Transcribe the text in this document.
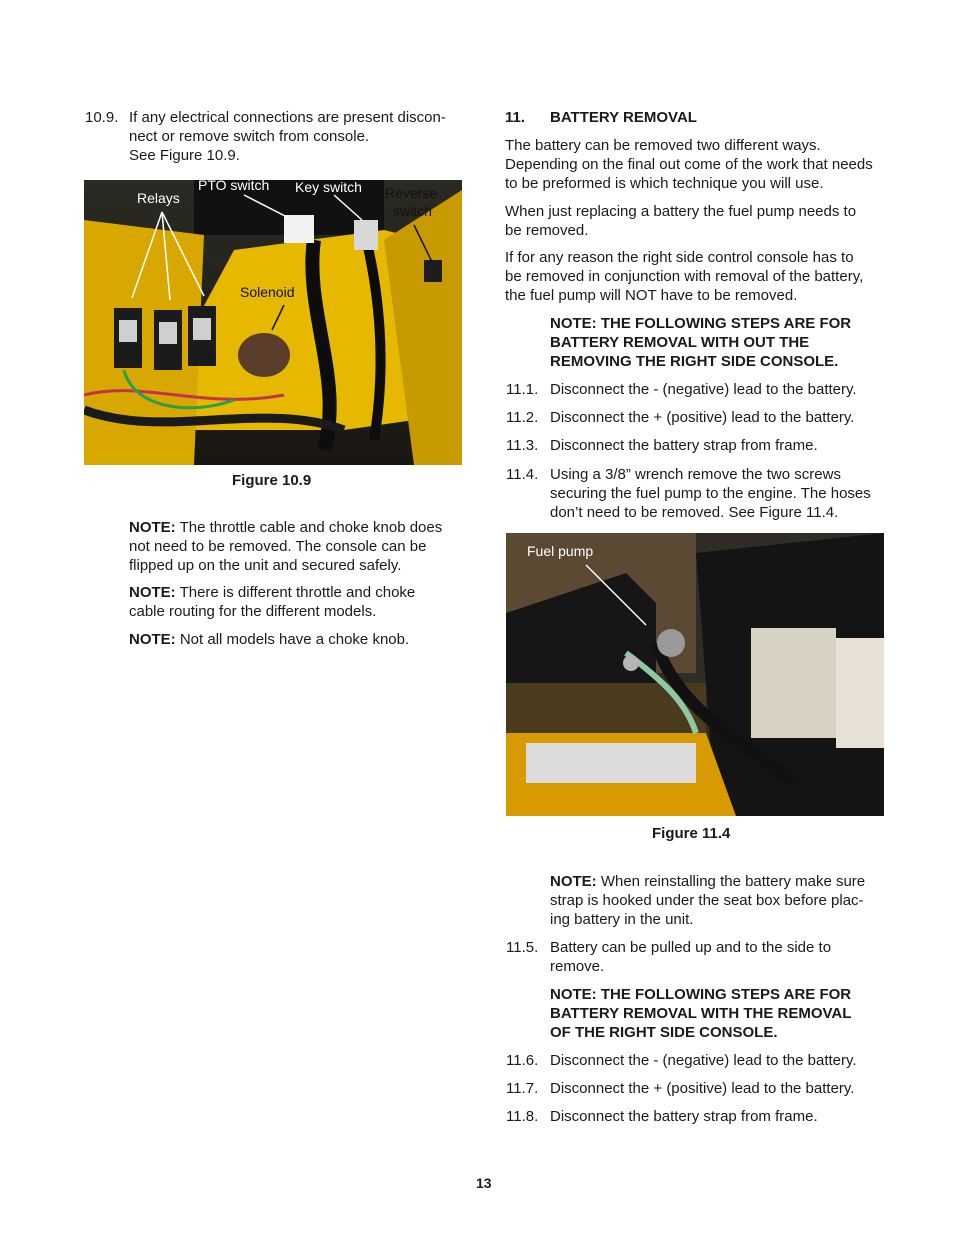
10.9. If any electrical connections are present discon-
nect or remove switch from console.
See Figure 10.9.
Relays
PTO switch Key switch Reverse
switch
Solenoid
Figure 10.9
NOTE: The throttle cable and choke knob does
not need to be removed. The console can be
flipped up on the unit and secured safely.
NOTE: There is different throttle and choke
cable routing for the different models.
NOTE: Not all models have a choke knob.
11. BATTERY REMOVAL
The battery can be removed two different ways.
Depending on the final out come of the work that needs
to be preformed is which technique you will use.
When just replacing a battery the fuel pump needs to
be removed.
If for any reason the right side control console has to
be removed in conjunction with removal of the battery,
the fuel pump will NOT have to be removed.
NOTE: THE FOLLOWING STEPS ARE FOR
BATTERY REMOVAL WITH OUT THE
REMOVING THE RIGHT SIDE CONSOLE.
11.1. Disconnect the - (negative) lead to the battery.
11.2. Disconnect the + (positive) lead to the battery.
11.3. Disconnect the battery strap from frame.
11.4. Using a 3/8” wrench remove the two screws
securing the fuel pump to the engine. The hoses
don’t need to be removed. See Figure 11.4.
Fuel pump
Figure 11.4
NOTE: When reinstalling the battery make sure
strap is hooked under the seat box before plac-
ing battery in the unit.
11.5. Battery can be pulled up and to the side to
remove.
NOTE: THE FOLLOWING STEPS ARE FOR
BATTERY REMOVAL WITH THE REMOVAL
OF THE RIGHT SIDE CONSOLE.
11.6. Disconnect the - (negative) lead to the battery.
11.7. Disconnect the + (positive) lead to the battery.
11.8. Disconnect the battery strap from frame.
13
